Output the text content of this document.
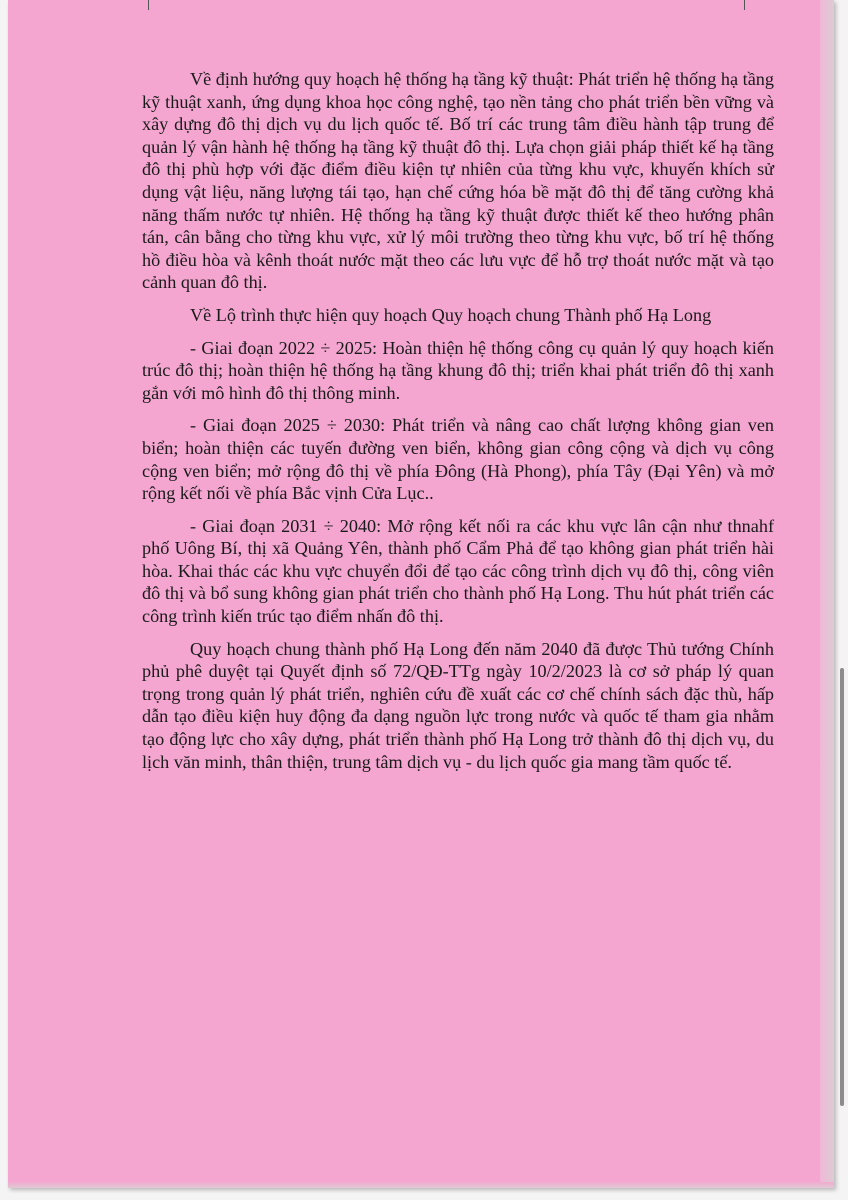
Về định hướng quy hoạch hệ thống hạ tầng kỹ thuật: Phát triển hệ thống hạ tầng kỹ thuật xanh, ứng dụng khoa học công nghệ, tạo nền tảng cho phát triển bền vững và xây dựng đô thị dịch vụ du lịch quốc tế. Bố trí các trung tâm điều hành tập trung để quản lý vận hành hệ thống hạ tầng kỹ thuật đô thị. Lựa chọn giải pháp thiết kế hạ tầng đô thị phù hợp với đặc điểm điều kiện tự nhiên của từng khu vực, khuyến khích sử dụng vật liệu, năng lượng tái tạo, hạn chế cứng hóa bề mặt đô thị để tăng cường khả năng thấm nước tự nhiên. Hệ thống hạ tầng kỹ thuật được thiết kế theo hướng phân tán, cân bằng cho từng khu vực, xử lý môi trường theo từng khu vực, bố trí hệ thống hồ điều hòa và kênh thoát nước mặt theo các lưu vực để hỗ trợ thoát nước mặt và tạo cảnh quan đô thị.

Về Lộ trình thực hiện quy hoạch Quy hoạch chung Thành phố Hạ Long

- Giai đoạn 2022 ÷ 2025: Hoàn thiện hệ thống công cụ quản lý quy hoạch kiến trúc đô thị; hoàn thiện hệ thống hạ tầng khung đô thị; triển khai phát triển đô thị xanh gắn với mô hình đô thị thông minh.

- Giai đoạn 2025 ÷ 2030: Phát triển và nâng cao chất lượng không gian ven biển; hoàn thiện các tuyến đường ven biển, không gian công cộng và dịch vụ công cộng ven biển; mở rộng đô thị về phía Đông (Hà Phong), phía Tây (Đại Yên) và mở rộng kết nối về phía Bắc vịnh Cửa Lục..

- Giai đoạn 2031 ÷ 2040: Mở rộng kết nối ra các khu vực lân cận như thnahf phố Uông Bí, thị xã Quảng Yên, thành phố Cẩm Phả để tạo không gian phát triển hài hòa. Khai thác các khu vực chuyển đổi để tạo các công trình dịch vụ đô thị, công viên đô thị và bổ sung không gian phát triển cho thành phố Hạ Long. Thu hút phát triển các công trình kiến trúc tạo điểm nhấn đô thị.

Quy hoạch chung thành phố Hạ Long đến năm 2040 đã được Thủ tướng Chính phủ phê duyệt tại Quyết định số 72/QĐ-TTg ngày 10/2/2023 là cơ sở pháp lý quan trọng trong quản lý phát triển, nghiên cứu đề xuất các cơ chế chính sách đặc thù, hấp dẫn tạo điều kiện huy động đa dạng nguồn lực trong nước và quốc tế tham gia nhằm tạo động lực cho xây dựng, phát triển thành phố Hạ Long trở thành đô thị dịch vụ, du lịch văn minh, thân thiện, trung tâm dịch vụ - du lịch quốc gia mang tầm quốc tế.
